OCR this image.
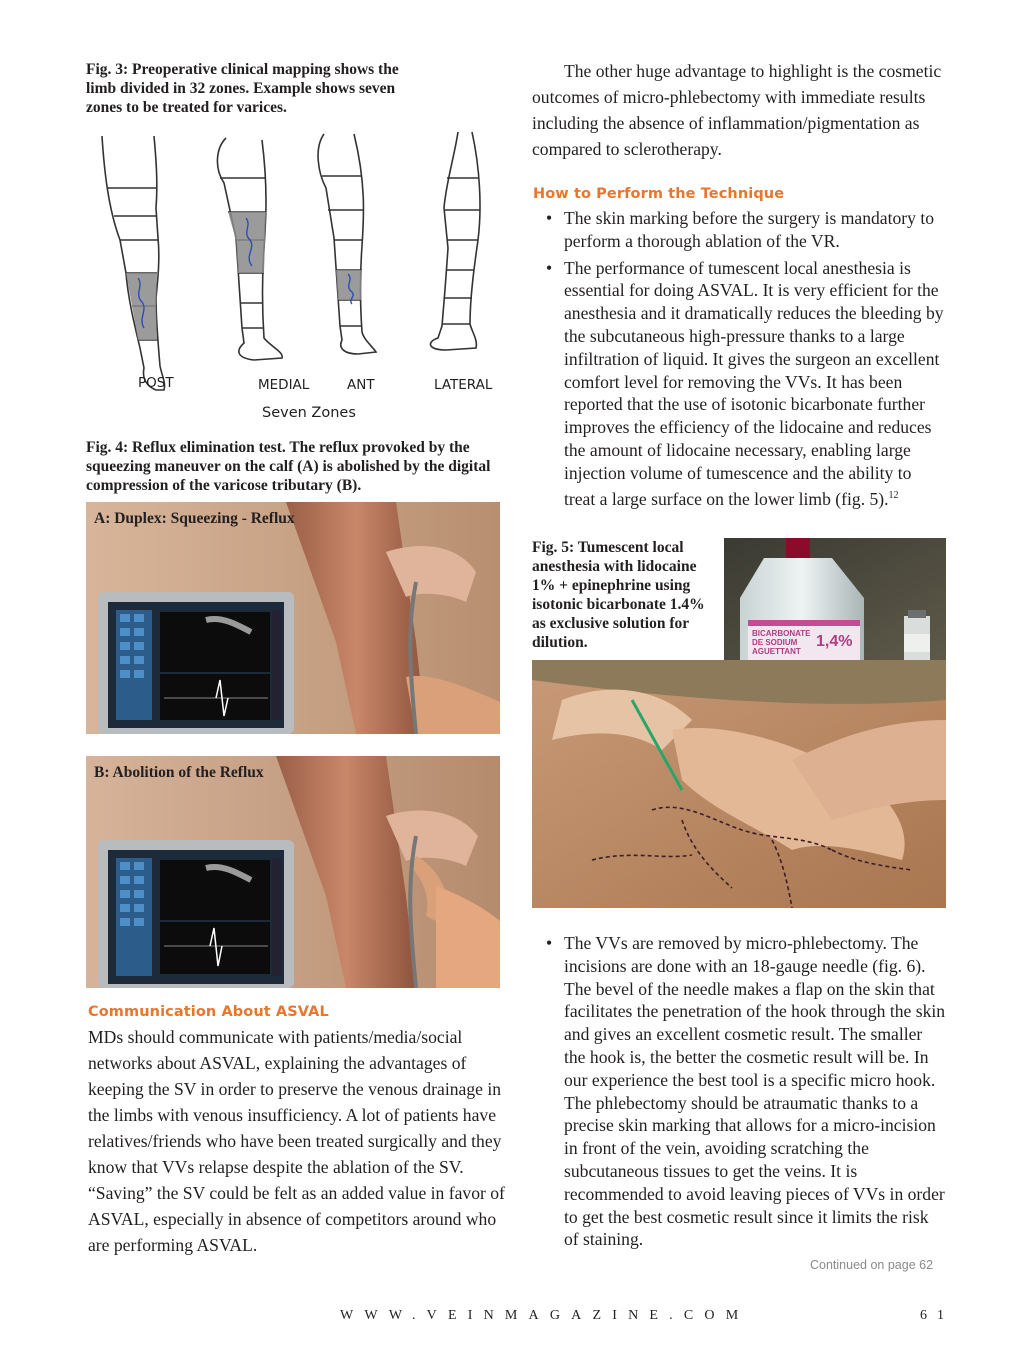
Fig. 3: Preoperative clinical mapping shows the limb divided in 32 zones. Example shows seven zones to be treated for varices.

POST	MEDIAL	ANT	LATERAL
Seven Zones

Fig. 4: Reflux elimination test. The reflux provoked by the squeezing maneuver on the calf (A) is abolished by the digital compression of the varicose tributary (B).

A: Duplex: Squeezing - Reflux
B: Abolition of the Reflux
Communication About ASVAL

MDs should communicate with patients/media/social networks about ASVAL, explaining the advantages of keeping the SV in order to preserve the venous drainage in the limbs with venous insufficiency. A lot of patients have relatives/friends who have been treated surgically and they know that VVs relapse despite the ablation of the SV. “Saving” the SV could be felt as an added value in favor of ASVAL, especially in absence of competitors around who are performing ASVAL.

The other huge advantage to highlight is the cosmetic outcomes of micro-phlebectomy with immediate results including the absence of inflammation/pigmentation as compared to sclerotherapy.

How to Perform the Technique
• The skin marking before the surgery is mandatory to perform a thorough ablation of the VR.
• The performance of tumescent local anesthesia is essential for doing ASVAL. It is very efficient for the anesthesia and it dramatically reduces the bleeding by the subcutaneous high-pressure thanks to a large infiltration of liquid. It gives the surgeon an excellent comfort level for removing the VVs. It has been reported that the use of isotonic bicarbonate further improves the efficiency of the lidocaine and reduces the amount of lidocaine necessary, enabling large injection volume of tumescence and the ability to treat a large surface on the lower limb (fig. 5).$^{12}$

Fig. 5: Tumescent local anesthesia with lidocaine 1% + epinephrine using isotonic bicarbonate 1.4% as exclusive solution for dilution.

BICARBONATE
DE SODIUM
AGUETTANT
1,4%
• The VVs are removed by micro-phlebectomy. The incisions are done with an 18-gauge needle (fig. 6). The bevel of the needle makes a flap on the skin that facilitates the penetration of the hook through the skin and gives an excellent cosmetic result. The smaller the hook is, the better the cosmetic result will be. In our experience the best tool is a specific micro hook. The phlebectomy should be atraumatic thanks to a precise skin marking that allows for a micro-incision in front of the vein, avoiding scratching the subcutaneous tissues to get the veins. It is recommended to avoid leaving pieces of VVs in order to get the best cosmetic result since it limits the risk of staining.
Continued on page 62
WWW.VEINMAGAZINE.COM	61
